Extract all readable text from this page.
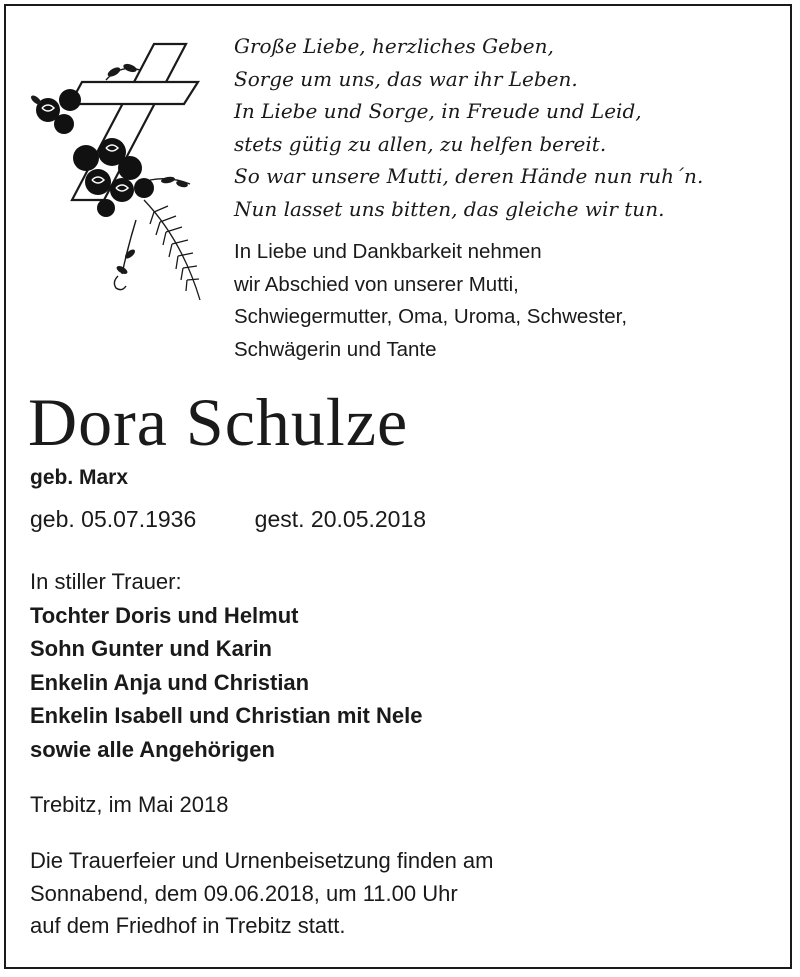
Große Liebe, herzliches Geben,
Sorge um uns, das war ihr Leben.
In Liebe und Sorge, in Freude und Leid,
stets gütig zu allen, zu helfen bereit.
So war unsere Mutti, deren Hände nun ruh´n.
Nun lasset uns bitten, das gleiche wir tun.
In Liebe und Dankbarkeit nehmen
wir Abschied von unserer Mutti,
Schwiegermutter, Oma, Uroma, Schwester,
Schwägerin und Tante
Dora Schulze
geb. Marx
geb. 05.07.1936	gest. 20.05.2018
In stiller Trauer:
Tochter Doris und Helmut
Sohn Gunter und Karin
Enkelin Anja und Christian
Enkelin Isabell und Christian mit Nele
sowie alle Angehörigen
Trebitz, im Mai 2018
Die Trauerfeier und Urnenbeisetzung finden am
Sonnabend, dem 09.06.2018, um 11.00 Uhr
auf dem Friedhof in Trebitz statt.
